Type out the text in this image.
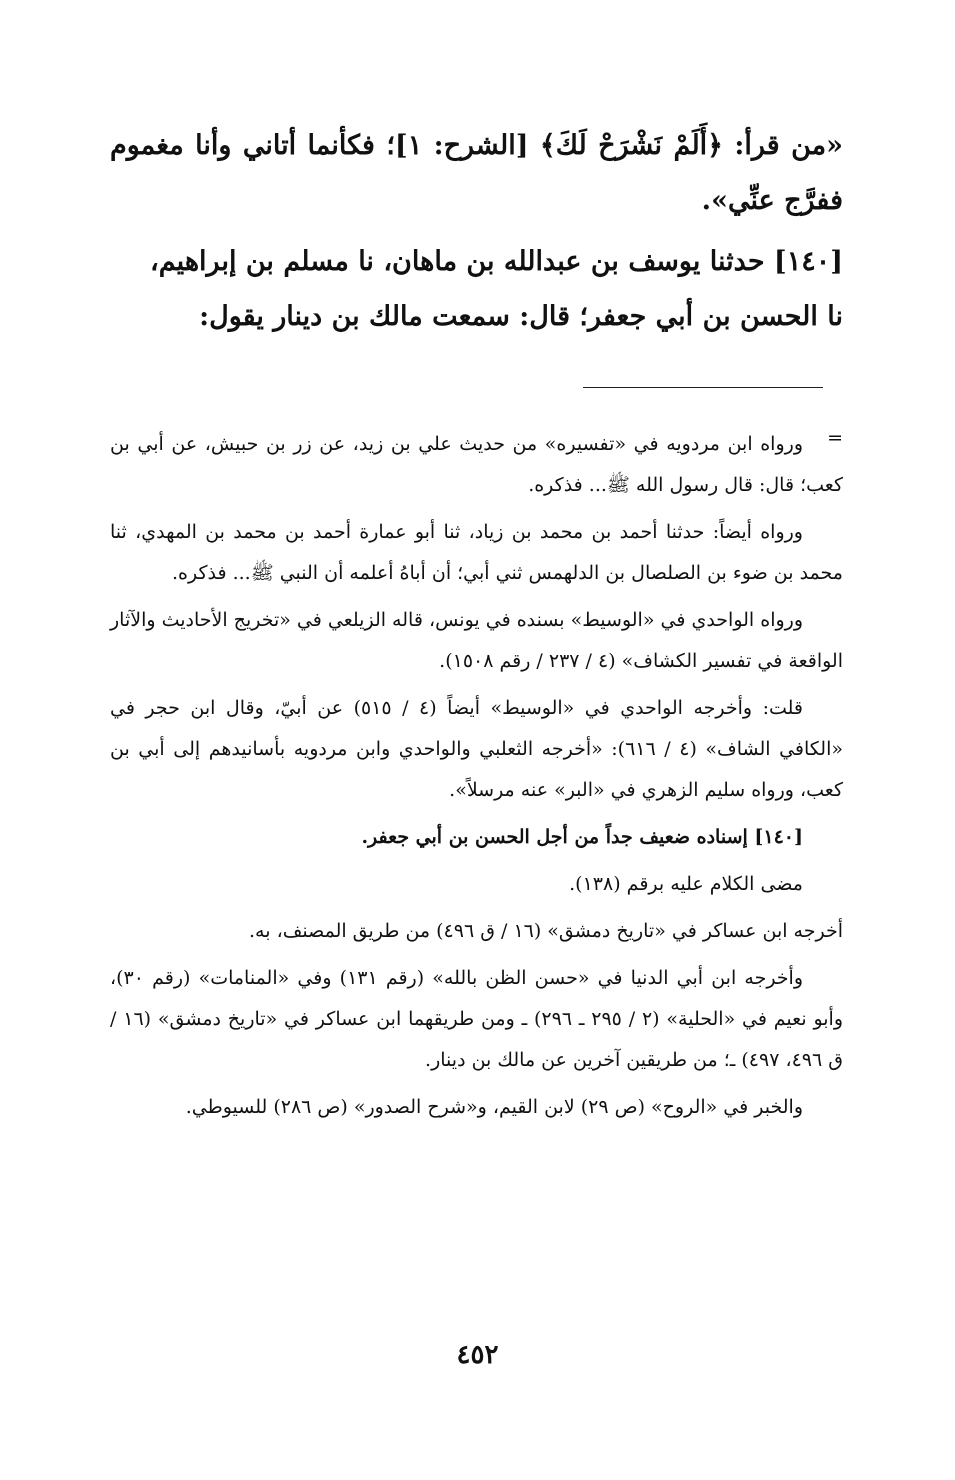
«من قرأ: ﴿أَلَمْ نَشْرَحْ لَكَ﴾ [الشرح: ١]؛ فكأنما أتاني وأنا مغموم ففرَّج عنِّي».
[١٤٠] حدثنا يوسف بن عبدالله بن ماهان، نا مسلم بن إبراهيم،
نا الحسن بن أبي جعفر؛ قال: سمعت مالك بن دينار يقول:
=

ورواه ابن مردويه في «تفسيره» من حديث علي بن زيد، عن زر بن حبيش، عن أبي بن كعب؛ قال: قال رسول الله ﷺ... فذكره.

ورواه أيضاً: حدثنا أحمد بن محمد بن زياد، ثنا أبو عمارة أحمد بن محمد بن المهدي، ثنا محمد بن ضوء بن الصلصال بن الدلهمس ثني أبي؛ أن أباهُ أعلمه أن النبي ﷺ... فذكره.

ورواه الواحدي في «الوسيط» بسنده في يونس، قاله الزيلعي في «تخريج الأحاديث والآثار الواقعة في تفسير الكشاف» (٤ / ٢٣٧ / رقم ١٥٠٨).

قلت: وأخرجه الواحدي في «الوسيط» أيضاً (٤ / ٥١٥) عن أبيّ، وقال ابن حجر في «الكافي الشاف» (٤ / ٦١٦): «أخرجه الثعلبي والواحدي وابن مردويه بأسانيدهم إلى أبي بن كعب، ورواه سليم الزهري في «البر» عنه مرسلاً».

[١٤٠] إسناده ضعيف جداً من أجل الحسن بن أبي جعفر.

مضى الكلام عليه برقم (١٣٨).

أخرجه ابن عساكر في «تاريخ دمشق» (١٦ / ق ٤٩٦) من طريق المصنف، به.

وأخرجه ابن أبي الدنيا في «حسن الظن بالله» (رقم ١٣١) وفي «المنامات» (رقم ٣٠)، وأبو نعيم في «الحلية» (٢ / ٢٩٥ ـ ٢٩٦) ـ ومن طريقهما ابن عساكر في «تاريخ دمشق» (١٦ / ق ٤٩٦، ٤٩٧) ـ؛ من طريقين آخرين عن مالك بن دينار.

والخبر في «الروح» (ص ٢٩) لابن القيم، و«شرح الصدور» (ص ٢٨٦) للسيوطي.

٤٥٢
